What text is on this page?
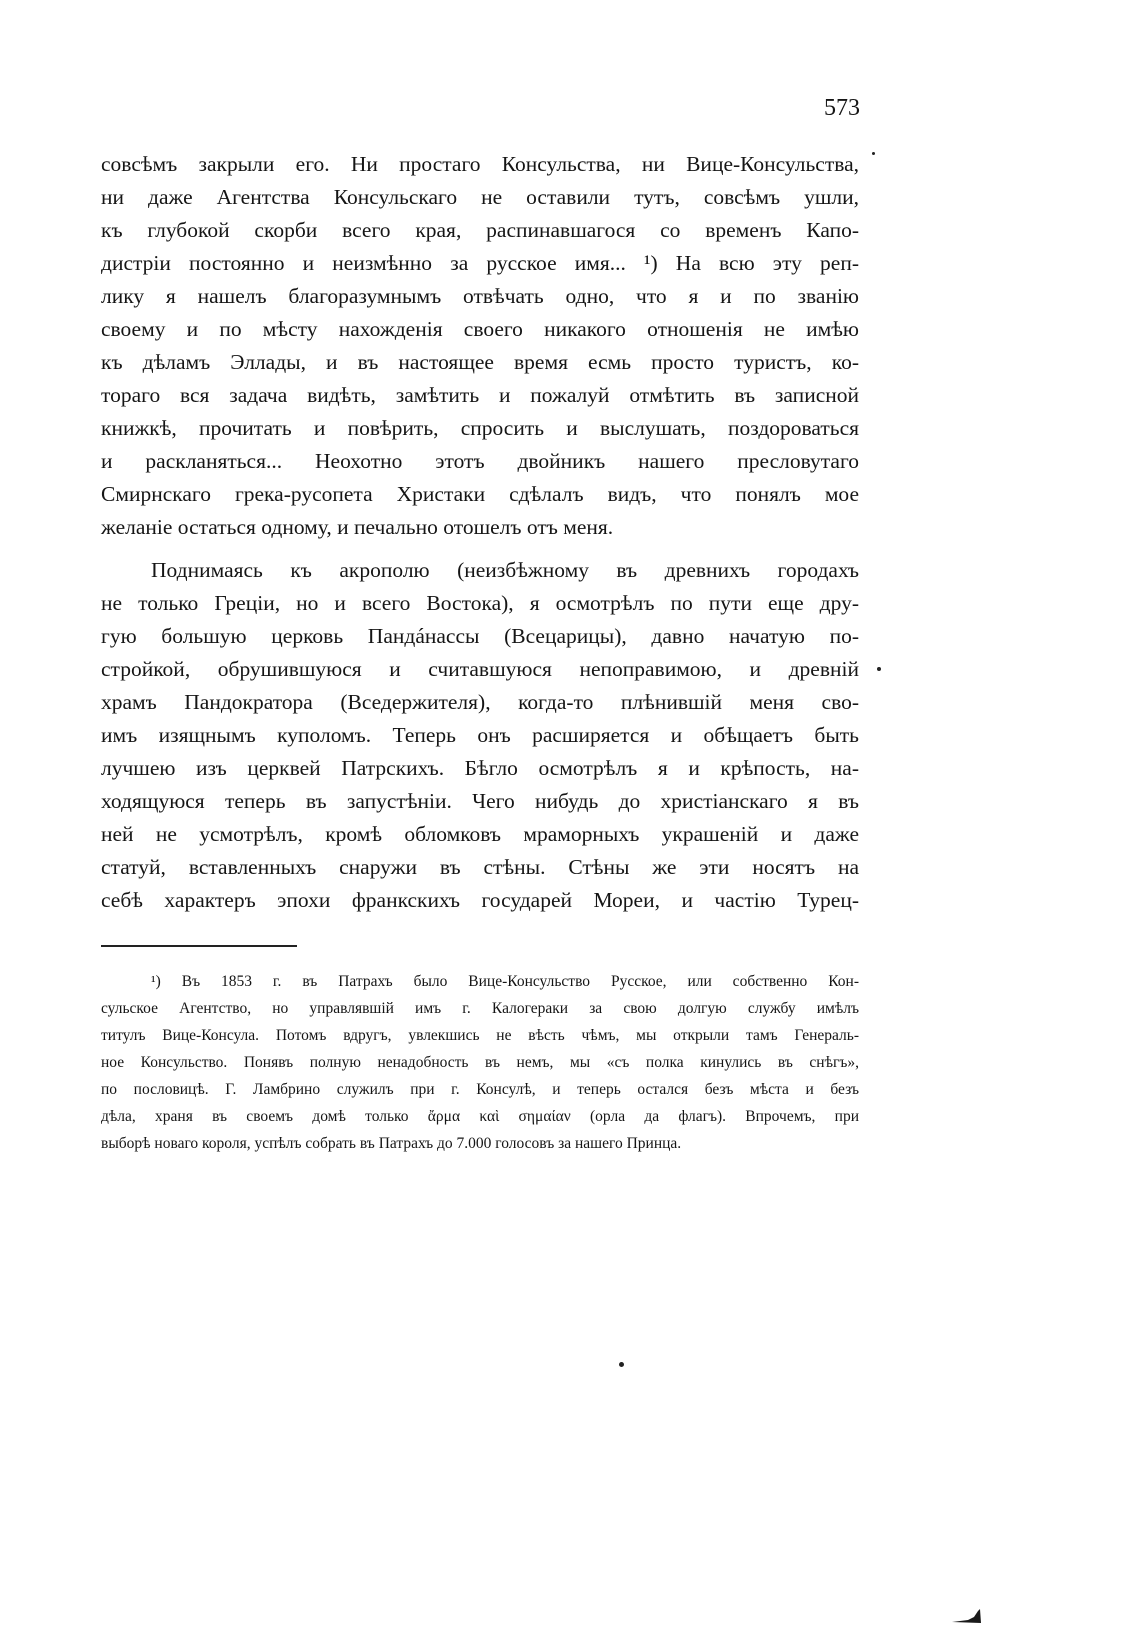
573
совсѣмъ закрыли его. Ни простаго Консульства, ни Вице-Консульства,
ни даже Агентства Консульскаго не оставили тутъ, совсѣмъ ушли,
къ глубокой скорби всего края, распинавшагося со временъ Капо-
дистріи постоянно и неизмѣнно за русское имя... ¹) На всю эту реп-
лику я нашелъ благоразумнымъ отвѣчать одно, что я и по званію
своему и по мѣсту нахожденія своего никакого отношенія не имѣю
къ дѣламъ Эллады, и въ настоящее время есмь просто туристъ, ко-
тораго вся задача видѣть, замѣтить и пожалуй отмѣтить въ записной
книжкѣ, прочитать и повѣрить, спросить и выслушать, поздороваться
и раскланяться... Неохотно этотъ двойникъ нашего пресловутаго
Смирнскаго грека-русопета Христаки сдѣлалъ видъ, что понялъ мое
желаніе остаться одному, и печально отошелъ отъ меня.
Поднимаясь къ акрополю (неизбѣжному въ древнихъ городахъ
не только Греціи, но и всего Востока), я осмотрѣлъ по пути еще дру-
гую большую церковь Пандáнассы (Всецарицы), давно начатую по-
стройкой, обрушившуюся и считавшуюся непоправимою, и древній
храмъ Пандократора (Вседержителя), когда-то плѣнившій меня сво-
имъ изящнымъ куполомъ. Теперь онъ расширяется и обѣщаетъ быть
лучшею изъ церквей Патрскихъ. Бѣгло осмотрѣлъ я и крѣпость, на-
ходящуюся теперь въ запустѣніи. Чего нибудь до христіанскаго я въ
ней не усмотрѣлъ, кромѣ обломковъ мраморныхъ украшеній и даже
статуй, вставленныхъ снаружи въ стѣны. Стѣны же эти носятъ на
себѣ характеръ эпохи франкскихъ государей Мореи, и частію Турец-
¹) Въ 1853 г. въ Патрахъ было Вице-Консульство Русское, или собственно Кон-
сульское Агентство, но управлявшій имъ г. Калогераки за свою долгую службу имѣлъ
титулъ Вице-Консула. Потомъ вдругъ, увлекшись не вѣсть чѣмъ, мы открыли тамъ Генераль-
ное Консульство. Понявъ полную ненадобность въ немъ, мы «съ полка кинулись въ снѣгъ»,
по пословицѣ. Г. Ламбрино служилъ при г. Консулѣ, и теперь остался безъ мѣста и безъ
дѣла, храня въ своемъ домѣ только ἄρμα καὶ σημαίαν (орла да флагъ). Впрочемъ, при
выборѣ новаго короля, успѣлъ собрать въ Патрахъ до 7.000 голосовъ за нашего Принца.
